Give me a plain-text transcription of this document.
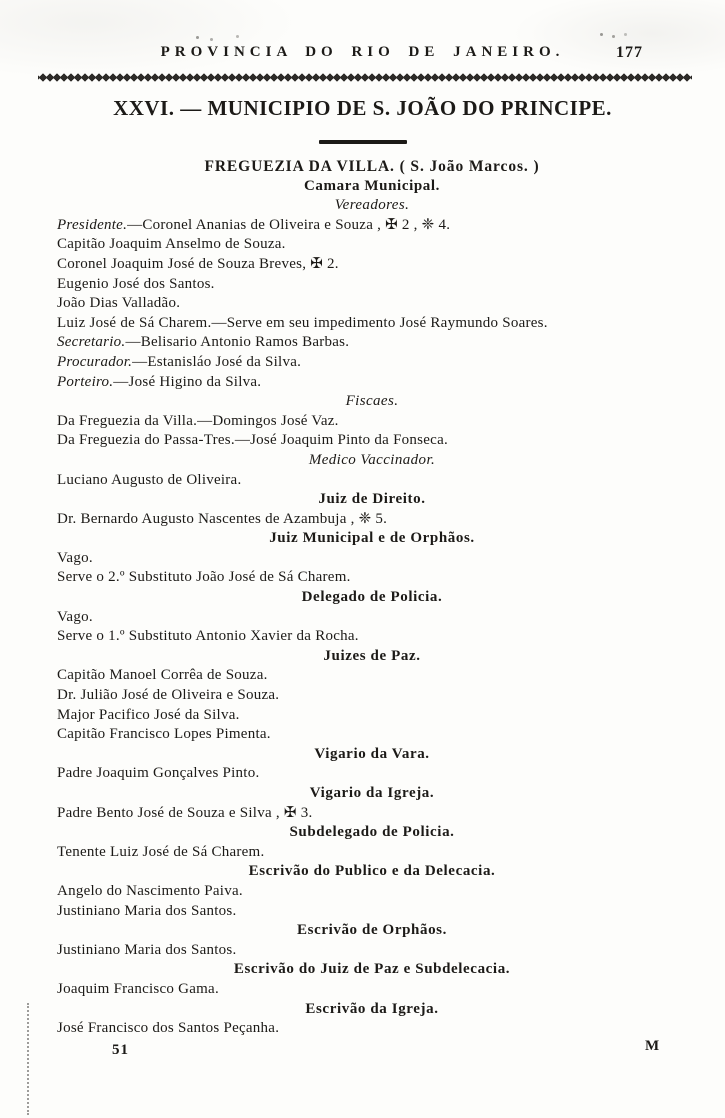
PROVINCIA DO RIO DE JANEIRO.	177
XXVI. — MUNICIPIO DE S. JOÃO DO PRINCIPE.
FREGUEZIA DA VILLA. ( S. João Marcos. )
Camara Municipal.
Vereadores.
Presidente.—Coronel Ananias de Oliveira e Souza , ✠ 2 , ❈ 4.
Capitão Joaquim Anselmo de Souza.
Coronel Joaquim José de Souza Breves, ✠ 2.
Eugenio José dos Santos.
João Dias Valladão.
Luiz José de Sá Charem.—Serve em seu impedimento José Raymundo Soares.
Secretario.—Belisario Antonio Ramos Barbas.
Procurador.—Estanisláo José da Silva.
Porteiro.—José Higino da Silva.
Fiscaes.
Da Freguezia da Villa.—Domingos José Vaz.
Da Freguezia do Passa-Tres.—José Joaquim Pinto da Fonseca.
Medico Vaccinador.
Luciano Augusto de Oliveira.
Juiz de Direito.
Dr. Bernardo Augusto Nascentes de Azambuja , ❈ 5.
Juiz Municipal e de Orphãos.
Vago.
Serve o 2.º Substituto João José de Sá Charem.
Delegado de Policia.
Vago.
Serve o 1.º Substituto Antonio Xavier da Rocha.
Juizes de Paz.
Capitão Manoel Corrêa de Souza.
Dr. Julião José de Oliveira e Souza.
Major Pacifico José da Silva.
Capitão Francisco Lopes Pimenta.
Vigario da Vara.
Padre Joaquim Gonçalves Pinto.
Vigario da Igreja.
Padre Bento José de Souza e Silva , ✠ 3.
Subdelegado de Policia.
Tenente Luiz José de Sá Charem.
Escrivão do Publico e da Delecacia.
Angelo do Nascimento Paiva.
Justiniano Maria dos Santos.
Escrivão de Orphãos.
Justiniano Maria dos Santos.
Escrivão do Juiz de Paz e Subdelecacia.
Joaquim Francisco Gama.
Escrivão da Igreja.
José Francisco dos Santos Peçanha.
51	M
